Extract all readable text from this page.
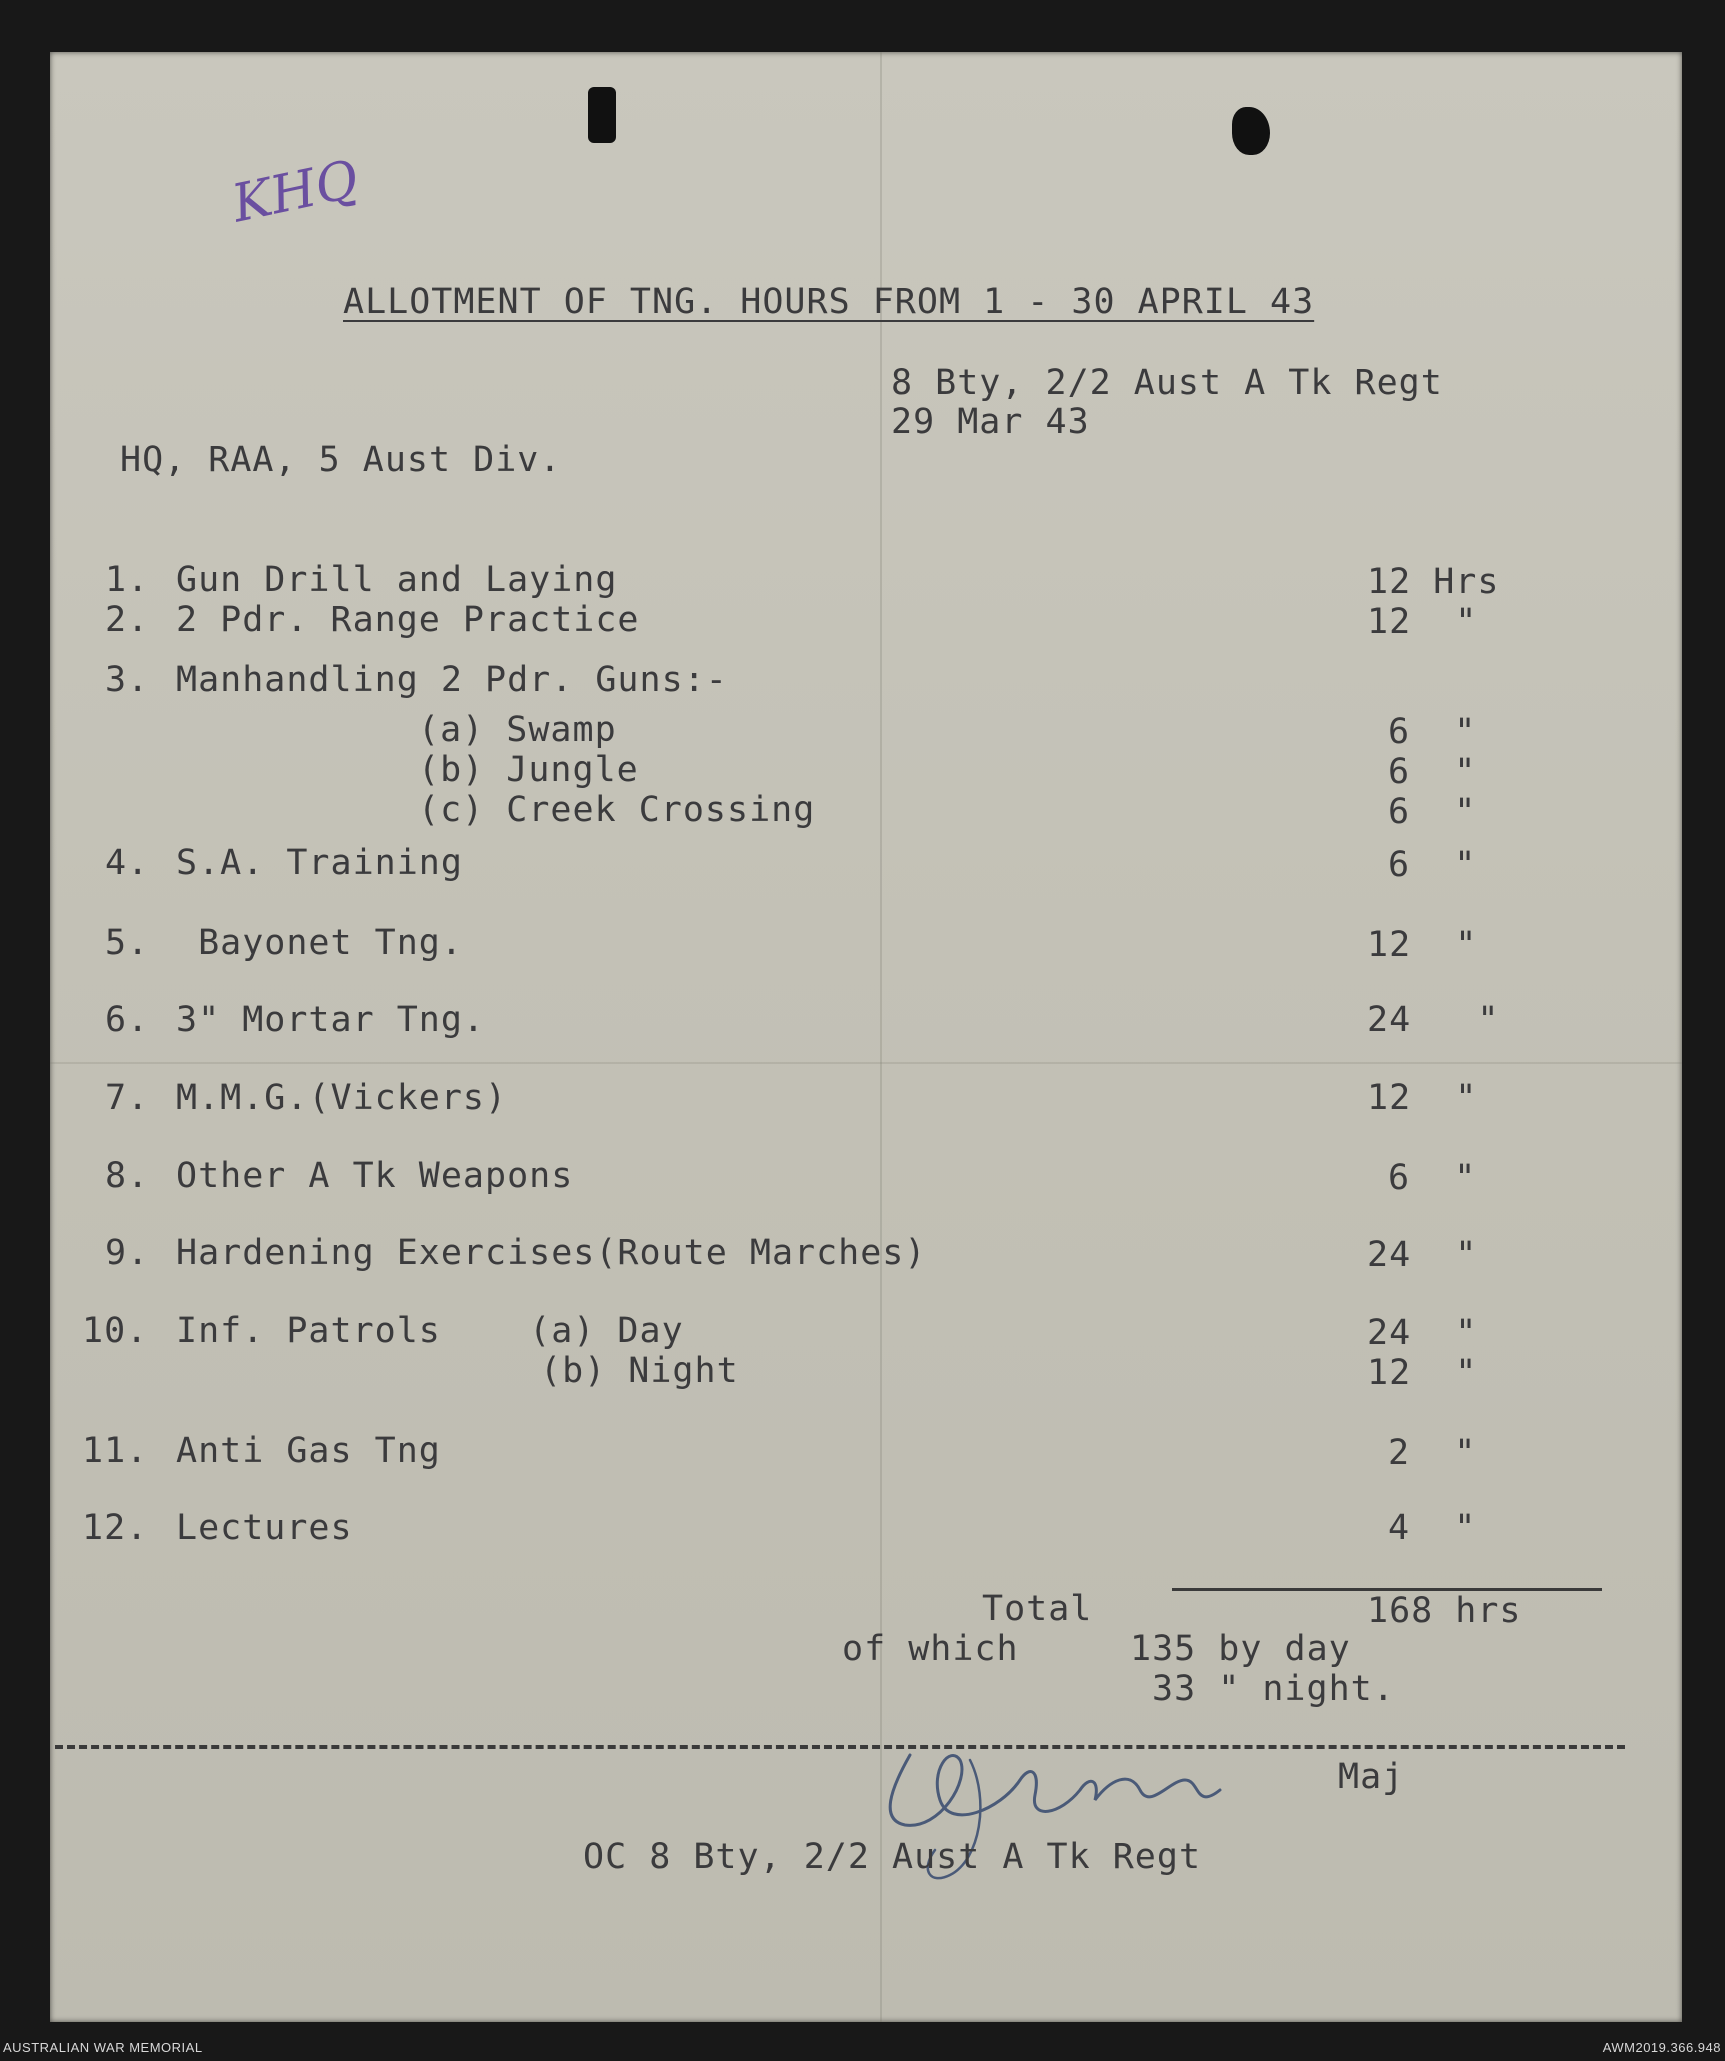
KHQ
ALLOTMENT OF TNG. HOURS FROM 1 - 30 APRIL 43
8 Bty, 2/2 Aust A Tk Regt
29 Mar 43
HQ, RAA, 5 Aust Div.
1. Gun Drill and Laying	12 Hrs
2. 2 Pdr. Range Practice	12  "
3. Manhandling 2 Pdr. Guns:-
(a) Swamp	6  "
(b) Jungle	6  "
(c) Creek Crossing	6  "
4. S.A. Training	6  "
5. Bayonet Tng.	12  "
6. 3" Mortar Tng.	24   "
7. M.M.G.(Vickers)	12  "
8. Other A Tk Weapons	6  "
9. Hardening Exercises(Route Marches)	24  "
10. Inf. Patrols    (a) Day	24  "
(b) Night	12  "
11. Anti Gas Tng	2  "
12. Lectures	4  "
Total	168 hrs
of which	135 by day
33 " night.
Maj
OC 8 Bty, 2/2 Aust A Tk Regt
AUSTRALIAN WAR MEMORIAL	AWM2019.366.948
